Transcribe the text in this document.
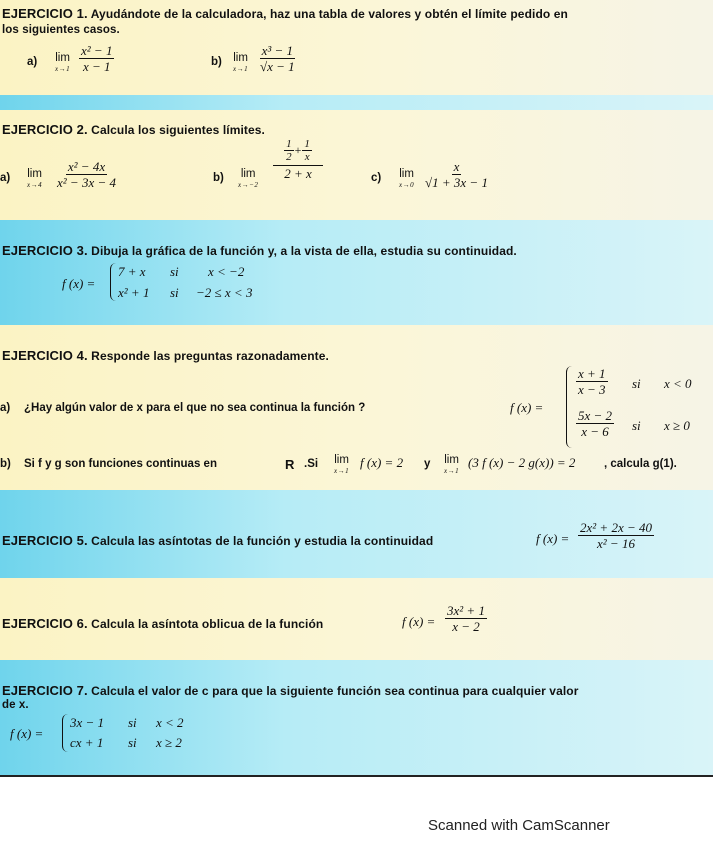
EJERCICIO 1. Ayudándote de la calculadora, haz una tabla de valores y obtén el límite pedido en
los siguientes casos.
a) lim
$x\to 1 \frac{\text{x² − 1}}{x - 1}$	b) lim
$x\to 1 \frac{\text{x³ − 1}}{√x - 1}$
EJERCICIO 2. Calcula los siguientes límites.
a) lim
$x\to 4 \frac{\text{x² − 4x}}{\text{x² − 3x − 4}}$	b) lim
x→−2
$\frac{1}{2} + \frac{1}{x}$
2 + x	c) lim
$x\to 0 \frac{x}{√1 + 3x - 1}$
EJERCICIO 3. Dibuja la gráfica de la función y, a la vista de ella, estudia su continuidad.
f (x) =
7 + x si x < −2
x² + 1 si −2 ≤ x < 3
EJERCICIO 4. Responde las preguntas razonadamente.
a) ¿Hay algún valor de x para el que no sea continua la función ?	f (x) =
$\frac{x + 1}{x - 3}$ si x < 0
$\frac{5x - 2}{x - 6}$ si x ≥ 0
b) Si f y g son funciones continuas en	R .Si lim
x→1
f (x) = 2 y lim
x→1
(3 f (x) − 2 g(x)) = 2 , calcula g(1).
EJERCICIO 5. Calcula las asíntotas de la función y estudia la continuidad	f $(x) = \frac{\text{2x² + 2x − 40}}{\text{x² − 16}}$
EJERCICIO 6. Calcula la asíntota oblicua de la función	f $(x) = \frac{\text{3x² + 1}}{x - 2}$
EJERCICIO 7. Calcula el valor de c para que la siguiente función sea continua para cualquier valor
de x.
f (x) =
3x − 1 si x < 2
cx + 1 si x ≥ 2
Scanned with CamScanner
